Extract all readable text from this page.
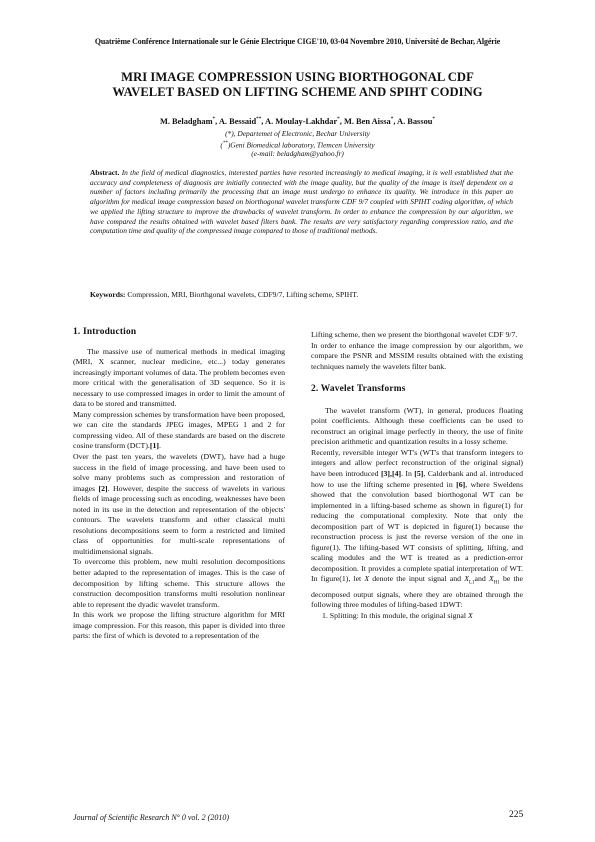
Quatrième Conférence Internationale sur le Génie Electrique CIGE'10, 03-04 Novembre 2010, Université de Bechar, Algérie
MRI IMAGE COMPRESSION USING BIORTHOGONAL CDF
WAVELET BASED ON LIFTING SCHEME AND SPIHT CODING
M. Beladgham*, A. Bessaid**, A. Moulay-Lakhdar*, M. Ben Aissa*, A. Bassou*
(*), Departemet of Electronic, Bechar University
(**)Geni Biomedical laboratory, Tlemcen University
(e-mail: beladgham@yahoo.fr)
Abstract. In the field of medical diagnostics, interested parties have resorted increasingly to medical imaging, it is well established that the accuracy and completeness of diagnosis are initially connected with the image quality, but the quality of the image is itself dependent on a number of factors including primarily the processing that an image must undergo to enhance its quality. We introduce in this paper an algorithm for medical image compression based on biorthogonal wavelet transform CDF 9/7 coupled with SPIHT coding algorithm, of which we applied the lifting structure to improve the drawbacks of wavelet transform. In order to enhance the compression by our algorithm, we have compared the results obtained with wavelet based filters bank. The results are very satisfactory regarding compression ratio, and the computation time and quality of the compressed image compared to those of traditional methods.
Keywords: Compression, MRI, Biorthgonal wavelets, CDF9/7, Lifting scheme, SPIHT.
1. Introduction

The massive use of numerical methods in medical imaging (MRI, X scanner, nuclear medicine, etc...) today generates increasingly important volumes of data. The problem becomes even more critical with the generalisation of 3D sequence. So it is necessary to use compressed images in order to limit the amount of data to be stored and transmitted.

Many compression schemes by transformation have been proposed, we can cite the standards JPEG images, MPEG 1 and 2 for compressing video. All of these standards are based on the discrete cosine transform (DCT).[1].

Over the past ten years, the wavelets (DWT), have had a huge success in the field of image processing, and have been used to solve many problems such as compression and restoration of images [2]. However, despite the success of wavelets in various fields of image processing such as encoding, weaknesses have been noted in its use in the detection and representation of the objects' contours. The wavelets transform and other classical multi resolutions decompositions seem to form a restricted and limited class of opportunities for multi-scale representations of multidimensional signals.

To overcome this problem, new multi resolution decompositions better adapted to the representation of images. This is the case of decomposition by lifting scheme. This structure allows the construction decomposition transforms multi resolution nonlinear able to represent the dyadic wavelet transform.

In this work we propose the lifting structure algorithm for MRI image compression. For this reason, this paper is divided into three parts: the first of which is devoted to a representation of the

Lifting scheme, then we present the biorthgonal wavelet CDF 9/7.

In order to enhance the image compression by our algorithm, we compare the PSNR and MSSIM results obtained with the existing techniques namely the wavelets filter bank.

2. Wavelet Transforms

The wavelet transform (WT), in general, produces floating point coefficients. Although these coefficients can be used to reconstruct an original image perfectly in theory, the use of finite precision arithmetic and quantization results in a lossy scheme.

Recently, reversible integer WT's (WT's that transform integers to integers and allow perfect reconstruction of the original signal) have been introduced [3],[4]. In [5], Calderbank and al. introduced how to use the lifting scheme presented in [6], where Sweldens showed that the convolution based biorthogonal WT can be implemented in a lifting-based scheme as shown in figure(1) for reducing the computational complexity. Note that only the decomposition part of WT is depicted in figure(1) because the reconstruction process is just the reverse version of the one in figure(1). The lifting-based WT consists of splitting, lifting, and scaling modules and the WT is treated as a prediction-error decomposition. It provides a complete spatial interpretation of WT. In figure(1), let X denote the input signal and $X_{L1}and$ $X_{H1}$ be the decomposed output signals, where they are obtained through the following three modules of lifting-based 1DWT:

1. Splitting: In this module, the original signal X

Journal of Scientific Research N° 0 vol. 2 (2010)	225
